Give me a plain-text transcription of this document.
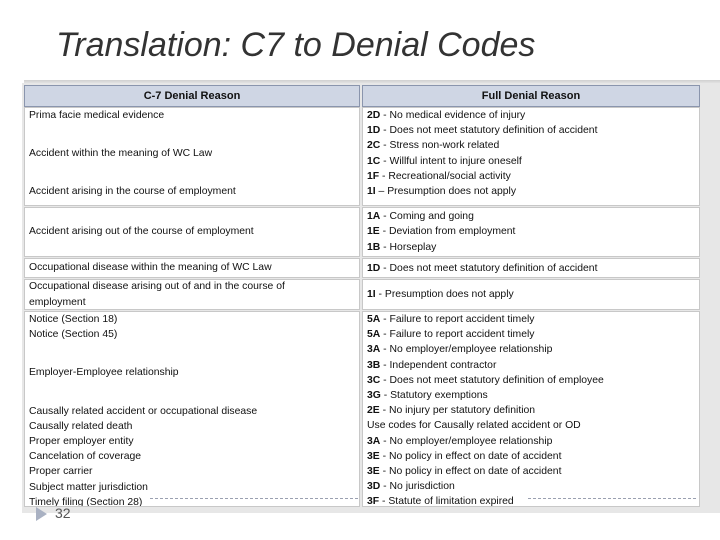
Translation: C7 to Denial Codes
C-7 Denial Reason	Full Denial Reason
Prima facie medical evidence
Accident within the meaning of WC Law
Accident arising in the course of employment
2D - No medical evidence of injury
1D - Does not meet statutory definition of accident
2C - Stress non-work related
1C - Willful intent to injure oneself
1F - Recreational/social activity
1I – Presumption does not apply
Accident arising out of the course of employment
1A - Coming and going
1E - Deviation from employment
1B - Horseplay
Occupational disease within the meaning of WC Law	1D - Does not meet statutory definition of accident
Occupational disease arising out of and in the course of
employment
1I - Presumption does not apply
Notice (Section 18)
Notice (Section 45)
Employer-Employee relationship
Causally related accident or occupational disease
Causally related death
Proper employer entity
Cancelation of coverage
Proper carrier
Subject matter jurisdiction
Timely filing (Section 28)
5A - Failure to report accident timely
5A - Failure to report accident timely
3A - No employer/employee relationship
3B - Independent contractor
3C - Does not meet statutory definition of employee
3G - Statutory exemptions
2E - No injury per statutory definition
Use codes for Causally related accident or OD
3A - No employer/employee relationship
3E - No policy in effect on date of accident
3E - No policy in effect on date of accident
3D - No jurisdiction
3F - Statute of limitation expired
32
